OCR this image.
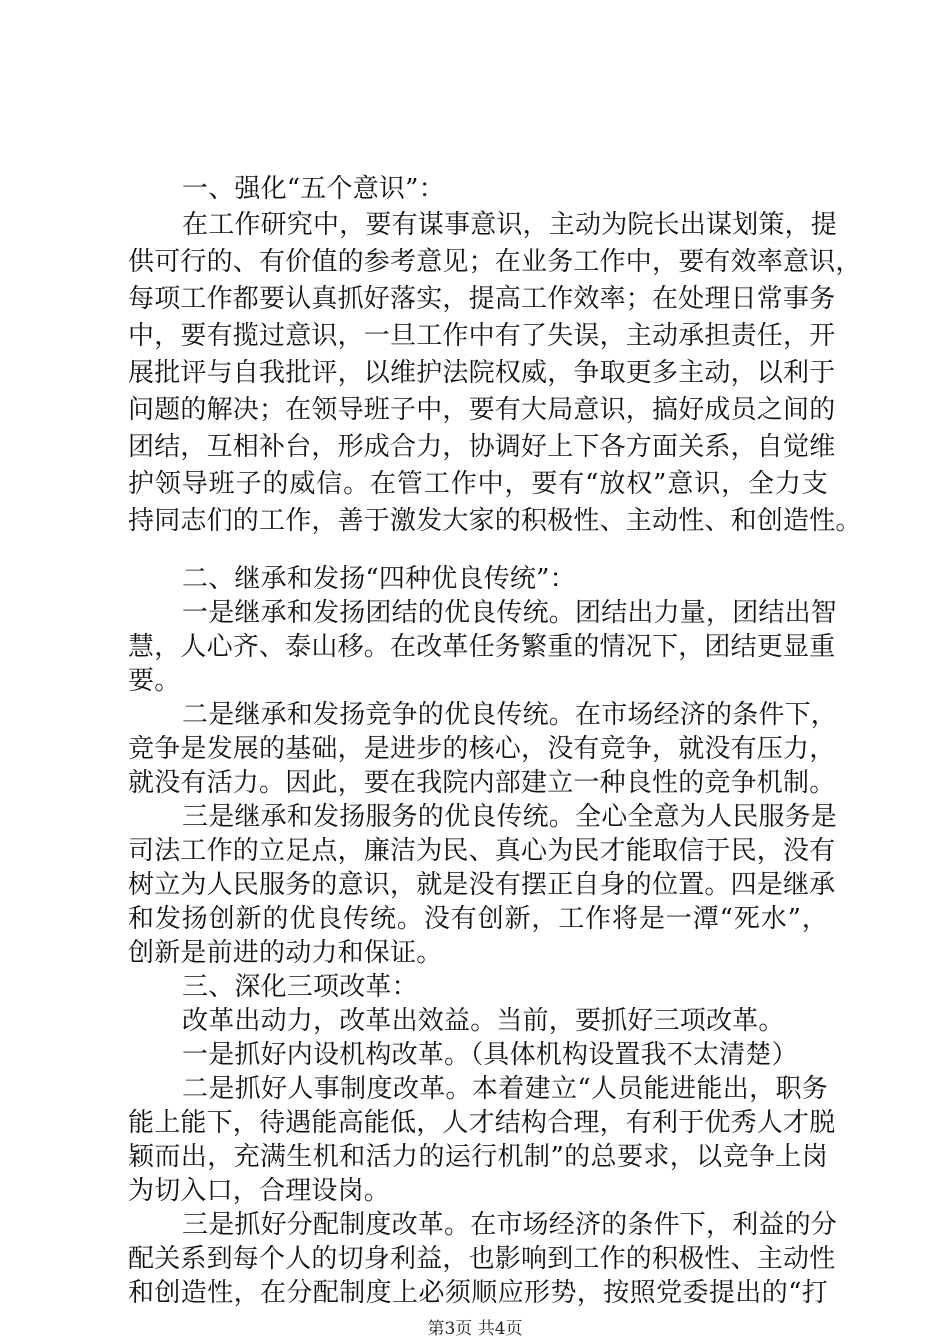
一、强化“五个意识”：
在工作研究中，要有谋事意识，主动为院长出谋划策，提
供可行的、有价值的参考意见；在业务工作中，要有效率意识，
每项工作都要认真抓好落实，提高工作效率；在处理日常事务
中，要有揽过意识，一旦工作中有了失误，主动承担责任，开
展批评与自我批评，以维护法院权威，争取更多主动，以利于
问题的解决；在领导班子中，要有大局意识，搞好成员之间的
团结，互相补台，形成合力，协调好上下各方面关系，自觉维
护领导班子的威信。在管工作中，要有“放权”意识，全力支
持同志们的工作，善于激发大家的积极性、主动性、和创造性。
二、继承和发扬“四种优良传统”：
一是继承和发扬团结的优良传统。团结出力量，团结出智
慧，人心齐、泰山移。在改革任务繁重的情况下，团结更显重
要。
二是继承和发扬竞争的优良传统。在市场经济的条件下，
竞争是发展的基础，是进步的核心，没有竞争，就没有压力，
就没有活力。因此，要在我院内部建立一种良性的竞争机制。
三是继承和发扬服务的优良传统。全心全意为人民服务是
司法工作的立足点，廉洁为民、真心为民才能取信于民，没有
树立为人民服务的意识，就是没有摆正自身的位置。四是继承
和发扬创新的优良传统。没有创新，工作将是一潭“死水”，
创新是前进的动力和保证。
三、深化三项改革：
改革出动力，改革出效益。当前，要抓好三项改革。
一是抓好内设机构改革。（具体机构设置我不太清楚）
二是抓好人事制度改革。本着建立“人员能进能出，职务
能上能下，待遇能高能低，人才结构合理，有利于优秀人才脱
颖而出，充满生机和活力的运行机制”的总要求，以竞争上岗
为切入口，合理设岗。
三是抓好分配制度改革。在市场经济的条件下，利益的分
配关系到每个人的切身利益，也影响到工作的积极性、主动性
和创造性，在分配制度上必须顺应形势，按照党委提出的“打
第3页 共4页
